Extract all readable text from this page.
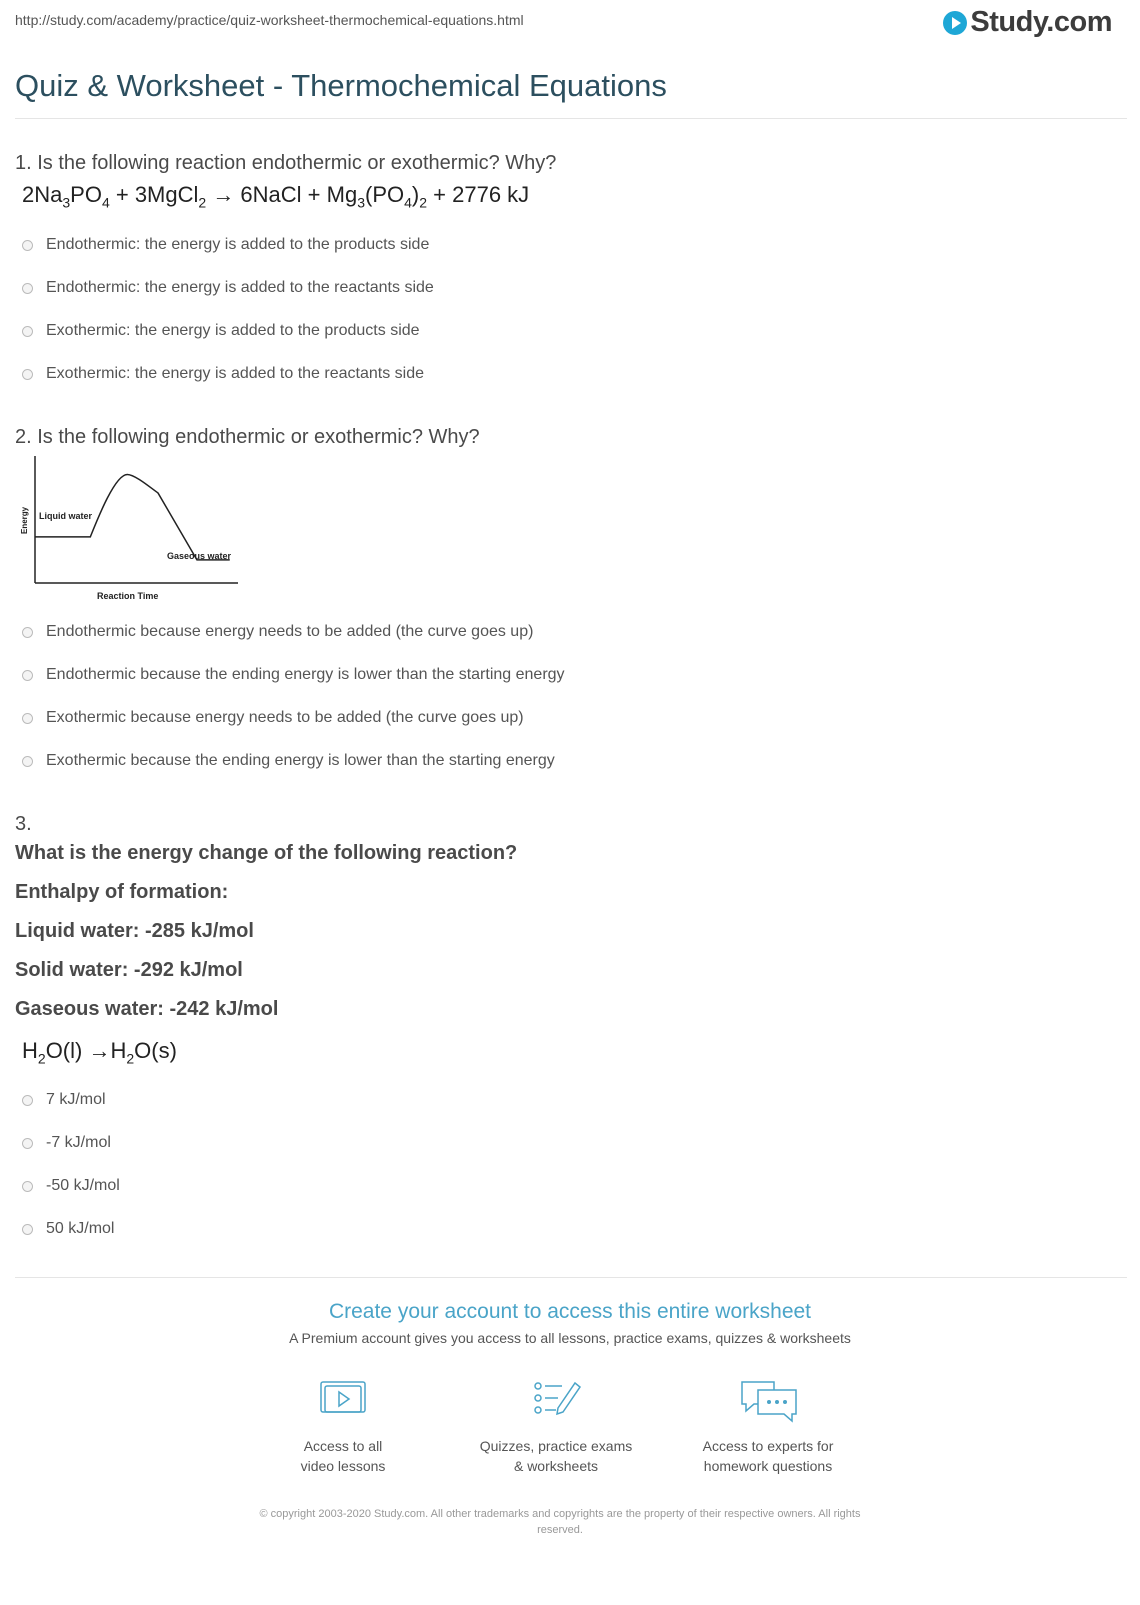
http://study.com/academy/practice/quiz-worksheet-thermochemical-equations.html	Study.com
Quiz & Worksheet - Thermochemical Equations
1. Is the following reaction endothermic or exothermic? Why?
$2Na_3PO_4$ + 3MgCl$_2$ → 6NaCl + $Mg_3(PO_4)_2 + 2776$ kJ
Endothermic: the energy is added to the products side
Endothermic: the energy is added to the reactants side
Exothermic: the energy is added to the products side
Exothermic: the energy is added to the reactants side
2. Is the following endothermic or exothermic? Why?
Energy
Reaction Time
Liquid water
Gaseous water
Endothermic because energy needs to be added (the curve goes up)
Endothermic because the ending energy is lower than the starting energy
Exothermic because energy needs to be added (the curve goes up)
Exothermic because the ending energy is lower than the starting energy
3.
What is the energy change of the following reaction?
Enthalpy of formation:
Liquid water: -285 kJ/mol
Solid water: -292 kJ/mol
Gaseous water: -242 kJ/mol
$H_2O(l) \to H_2O(s)$
7 kJ/mol
-7 kJ/mol
-50 kJ/mol
50 kJ/mol
Create your account to access this entire worksheet
A Premium account gives you access to all lessons, practice exams, quizzes & worksheets
Access to all
video lessons
Quizzes, practice exams
& worksheets
Access to experts for
homework questions
© copyright 2003-2020 Study.com. All other trademarks and copyrights are the property of their respective owners. All rights
reserved.
